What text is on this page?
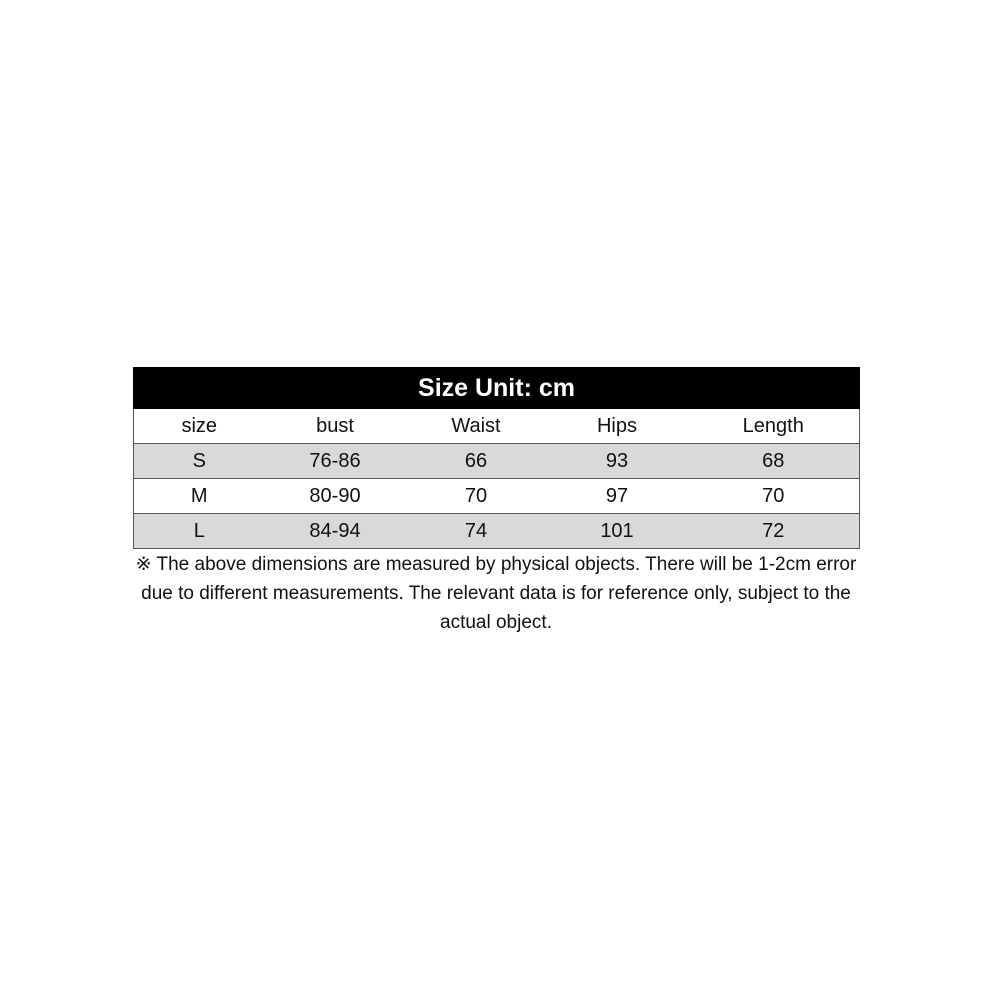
Size Unit: cm				
size	bust	Waist	Hips	Length
S	76-86	66	93	68
M	80-90	70	97	70
L	84-94	74	101	72
※ The above dimensions are measured by physical objects. There will be 1-2cm error due to different measurements. The relevant data is for reference only, subject to the actual object.
